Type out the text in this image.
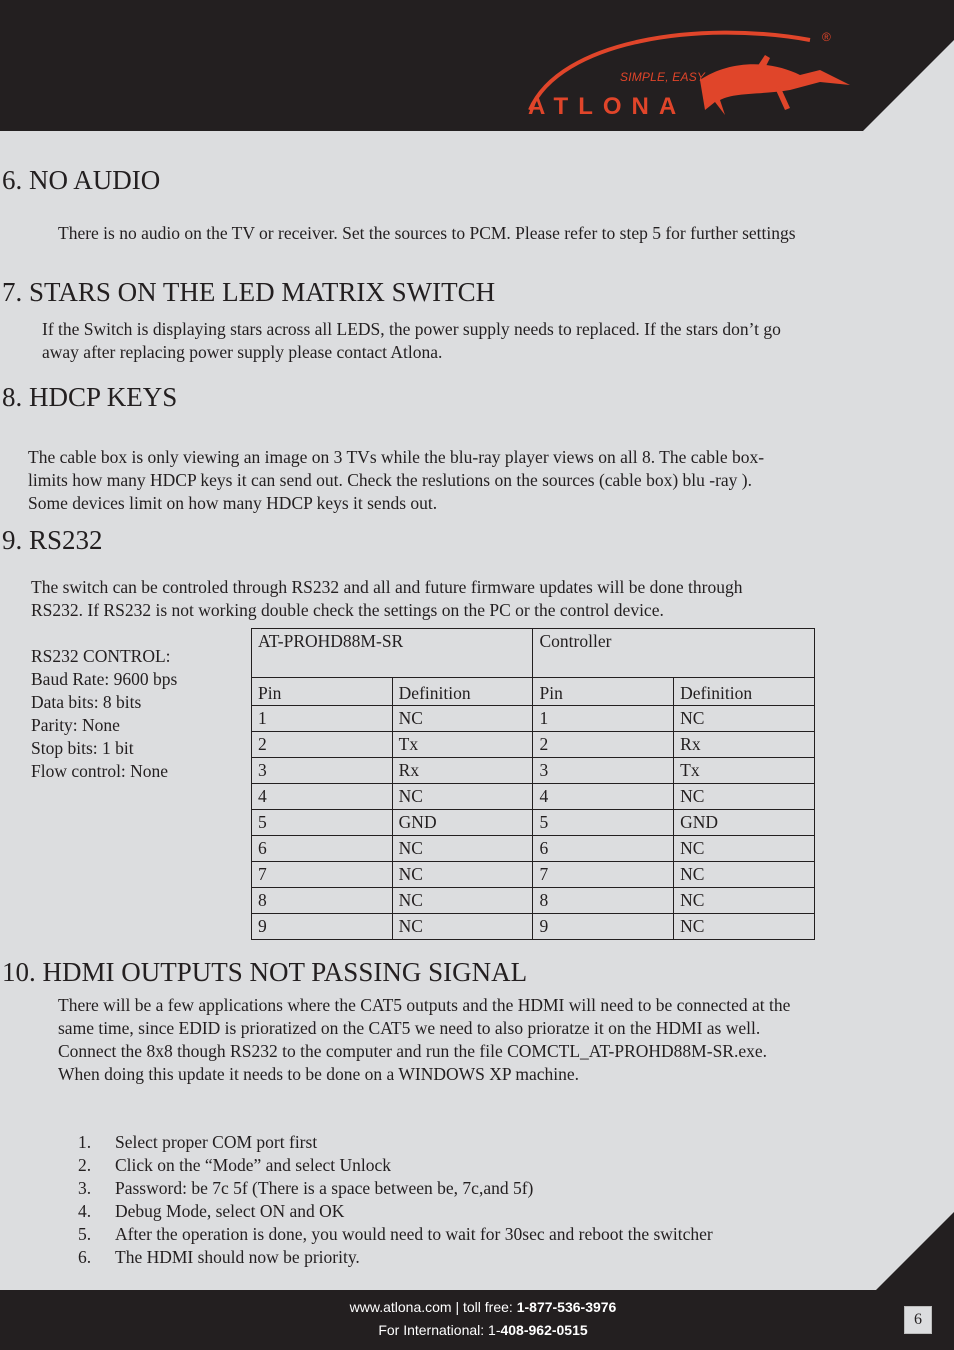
SIMPLE, EASY
ATLONA
®
6. NO AUDIO

There is no audio on the TV or receiver. Set the sources to PCM. Please refer to step 5 for further settings

7. STARS ON THE LED MATRIX SWITCH

If the Switch is displaying stars across all LEDS, the power supply needs to replaced. If the stars don’t go

away after replacing power supply please contact Atlona.

8. HDCP KEYS

The cable box is only viewing an image on 3 TVs while the blu-ray player views on all 8. The cable box-

limits how many HDCP keys it can send out. Check the reslutions on the sources (cable box) blu -ray ).

Some devices limit on how many HDCP keys it sends out.

9. RS232

The switch can be controled through RS232 and all and future firmware updates will be done through

RS232. If RS232 is not working double check the settings on the PC or the control device.

RS232 CONTROL:
Baud Rate: 9600 bps
Data bits: 8 bits
Parity: None
Stop bits: 1 bit
Flow control: None
AT-PROHD88M-SR		Controller	
Pin	Definition	Pin	Definition
1	NC	1	NC
2	Tx	2	Rx
3	Rx	3	Tx
4	NC	4	NC
5	GND	5	GND
6	NC	6	NC
7	NC	7	NC
8	NC	8	NC
9	NC	9	NC
10. HDMI OUTPUTS NOT PASSING SIGNAL

There will be a few applications where the CAT5 outputs and the HDMI will need to be connected at the

same time, since EDID is prioratized on the CAT5 we need to also prioratze it on the HDMI as well.

Connect the 8x8 though RS232 to the computer and run the file COMCTL_AT-PROHD88M-SR.exe.

When doing this update it needs to be done on a WINDOWS XP machine.

1.	Select proper COM port first
2.	Click on the “Mode” and select Unlock
3.	Password: be 7c 5f (There is a space between be, 7c,and 5f)
4.	Debug Mode, select ON and OK
5.	After the operation is done, you would need to wait for 30sec and reboot the switcher
6.	The HDMI should now be priority.
www.atlona.com | toll free: 1-877-536-3976
For International: 1-408-962-0515
6
